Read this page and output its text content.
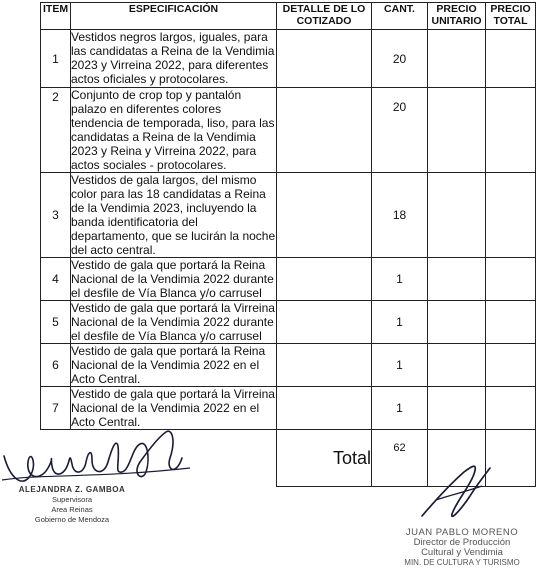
ITEM	ESPECIFICACIÓN	DETALLE DE LO COTIZADO	CANT.	PRECIO UNITARIO	PRECIO TOTAL
1	Vestidos negros largos, iguales, para las candidatas a Reina de la Vendimia 2023 y Virreina 2022, para diferentes actos oficiales y protocolares.		20		
2	Conjunto de crop top y pantalón palazo en diferentes colores tendencia de temporada, liso, para las candidatas a Reina de la Vendimia 2023 y Reina y Virreina 2022, para actos sociales - protocolares.		20		
3	Vestidos de gala largos, del mismo color para las 18 candidatas a Reina de la Vendimia 2023, incluyendo la banda identificatoria del departamento, que se lucirán la noche del acto central.		18		
4	Vestido de gala que portará la Reina Nacional de la Vendimia 2022 durante el desfile de Vía Blanca y/o carrusel		1		
5	Vestido de gala que portará la Virreina Nacional de la Vendimia 2022 durante el desfile de Vía Blanca y/o carrusel		1		
6	Vestido de gala que portará la Reina Nacional de la Vendimia 2022 en el Acto Central.		1		
7	Vestido de gala que portará la Virreina Nacional de la Vendimia 2022 en el Acto Central.		1		
		Total	62		
ALEJANDRA Z. GAMBOA
Supervisora
Area Reinas
Gobierno de Mendoza
JUAN PABLO MORENO
Director de Producción
Cultural y Vendimia
MIN. DE CULTURA Y TURISMO
